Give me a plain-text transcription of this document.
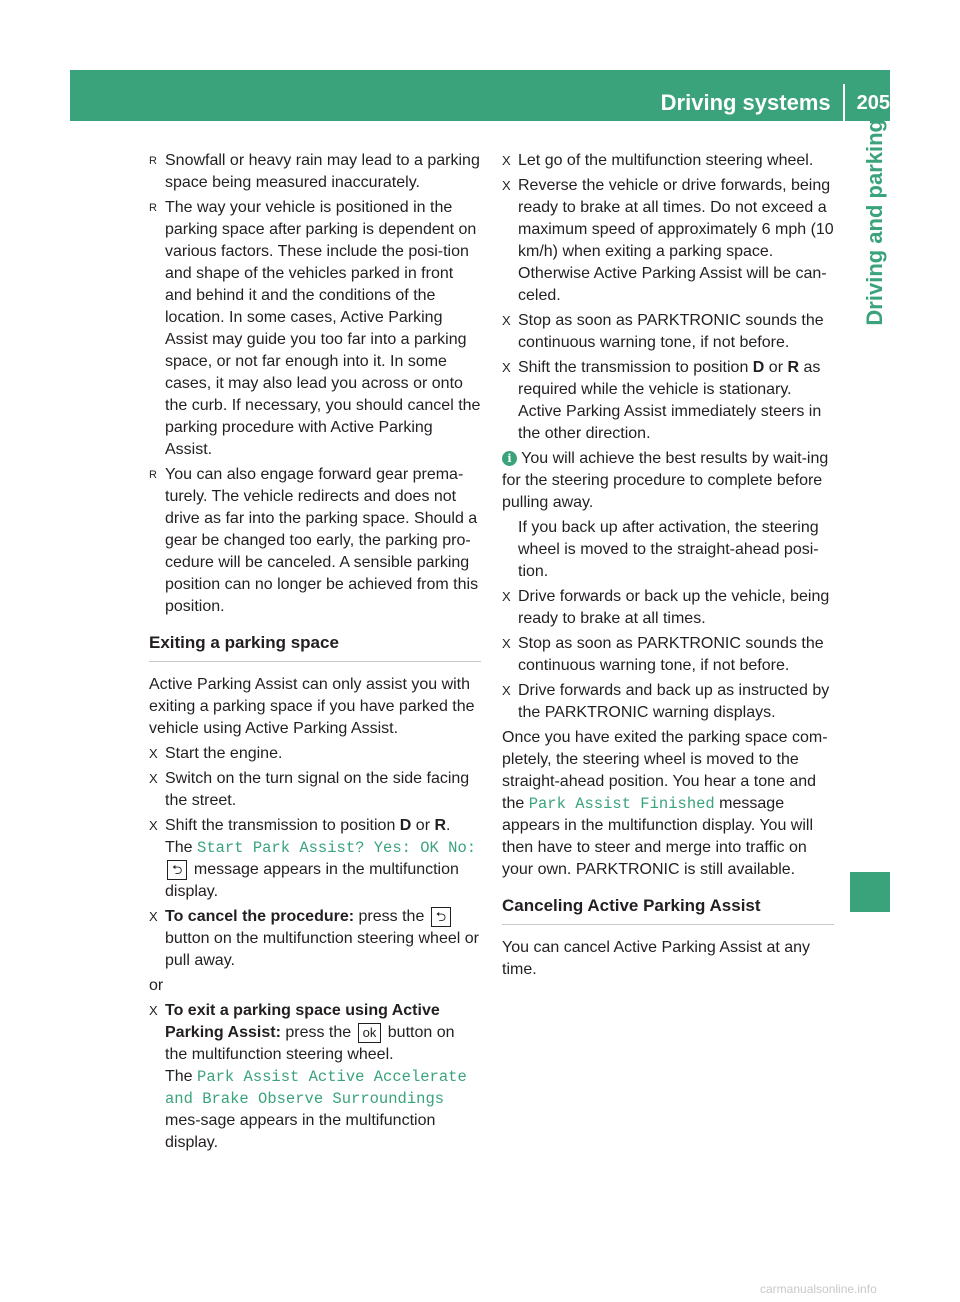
Driving systems 205
Driving and parking
R Snowfall or heavy rain may lead to a parking space being measured inaccurately.
R The way your vehicle is positioned in the parking space after parking is dependent on various factors. These include the posi-tion and shape of the vehicles parked in front and behind it and the conditions of the location. In some cases, Active Parking Assist may guide you too far into a parking space, or not far enough into it. In some cases, it may also lead you across or onto the curb. If necessary, you should cancel the parking procedure with Active Parking Assist.
R You can also engage forward gear prema-turely. The vehicle redirects and does not drive as far into the parking space. Should a gear be changed too early, the parking pro-cedure will be canceled. A sensible parking position can no longer be achieved from this position.
Exiting a parking space
Active Parking Assist can only assist you with exiting a parking space if you have parked the vehicle using Active Parking Assist.
X Start the engine.
X Switch on the turn signal on the side facing the street.
X Shift the transmission to position D or R.
The Start Park Assist? Yes: OK No:
⮌ message appears in the multifunction display.
X To cancel the procedure: press the ⮌ button on the multifunction steering wheel or pull away.
or
X To exit a parking space using Active Parking Assist: press the ok button on the multifunction steering wheel.
The Park Assist Active Accelerate and Brake Observe Surroundings mes-sage appears in the multifunction display.
X Let go of the multifunction steering wheel.
X Reverse the vehicle or drive forwards, being ready to brake at all times. Do not exceed a maximum speed of approximately 6 mph (10 km/h) when exiting a parking space. Otherwise Active Parking Assist will be can-celed.
X Stop as soon as PARKTRONIC sounds the continuous warning tone, if not before.
X Shift the transmission to position D or R as required while the vehicle is stationary.
Active Parking Assist immediately steers in the other direction.
i You will achieve the best results by wait-ing for the steering procedure to complete before pulling away.
If you back up after activation, the steering wheel is moved to the straight-ahead posi-tion.
X Drive forwards or back up the vehicle, being ready to brake at all times.
X Stop as soon as PARKTRONIC sounds the continuous warning tone, if not before.
X Drive forwards and back up as instructed by the PARKTRONIC warning displays.
Once you have exited the parking space com-pletely, the steering wheel is moved to the straight-ahead position. You hear a tone and the Park Assist Finished message appears in the multifunction display. You will then have to steer and merge into traffic on your own. PARKTRONIC is still available.
Canceling Active Parking Assist
You can cancel Active Parking Assist at any time.
carmanualsonline.info
